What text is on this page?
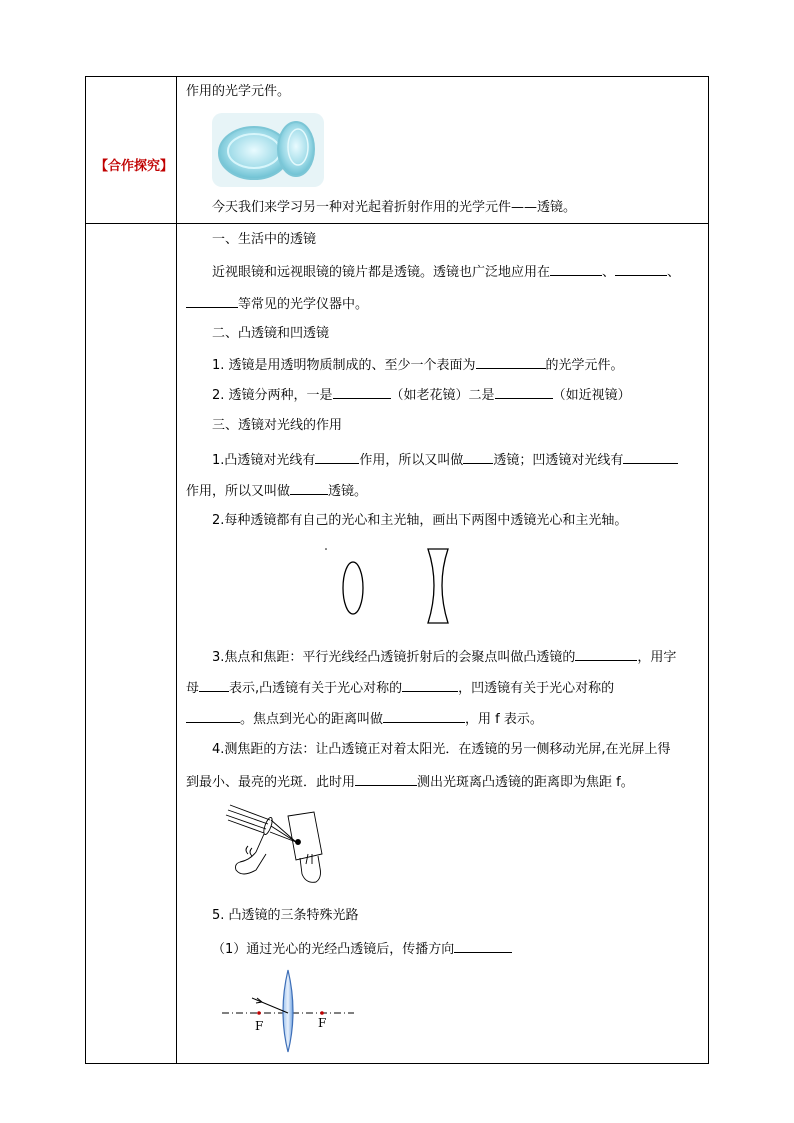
作用的光学元件。
今天我们来学习另一种对光起着折射作用的光学元件——透镜。
【合作探究】
一、生活中的透镜
近视眼镜和远视眼镜的镜片都是透镜。透镜也广泛地应用在	、	、
等常见的光学仪器中。
二、凸透镜和凹透镜
1. 透镜是用透明物质制成的、至少一个表面为	的光学元件。
2. 透镜分两种，一是	（如老花镜）二是	（如近视镜）
三、透镜对光线的作用
1.凸透镜对光线有	作用，所以又叫做 透镜；凹透镜对光线有
作用，所以又叫做	透镜。
2.每种透镜都有自己的光心和主光轴，画出下两图中透镜光心和主光轴。
3.焦点和焦距：平行光线经凸透镜折射后的会聚点叫做凸透镜的	，用字
母 表示,凸透镜有关于光心对称的	，凹透镜有关于光心对称的
。焦点到光心的距离叫做	，用 f 表示。
4.测焦距的方法：让凸透镜正对着太阳光．在透镜的另一侧移动光屏,在光屏上得
到最小、最亮的光斑．此时用	测出光斑离凸透镜的距离即为焦距 f。
5. 凸透镜的三条特殊光路
（1）通过光心的光经凸透镜后，传播方向
F	F
